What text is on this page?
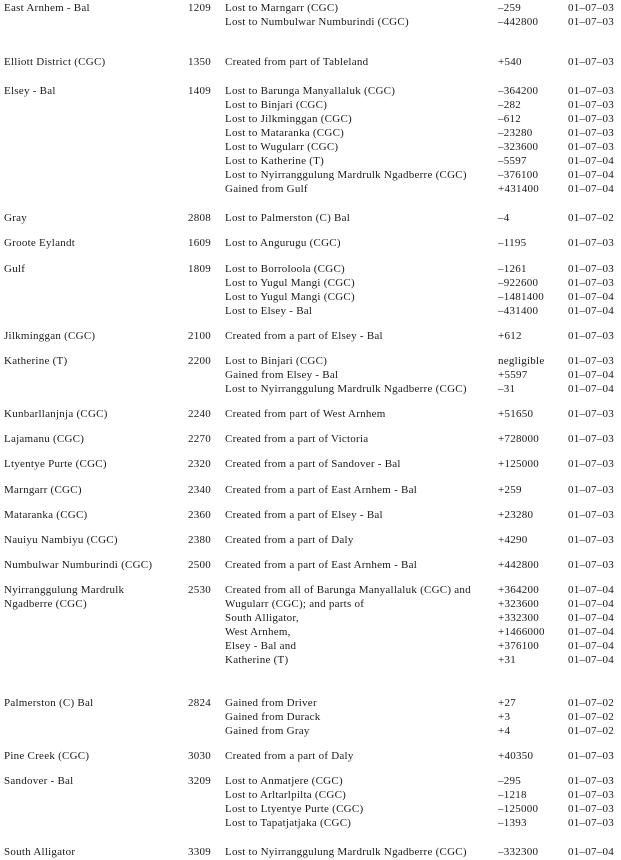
East Arnhem - Bal	1209 Lost to Marngarr (CGC)	–259	01–07–03
Lost to Numbulwar Numburindi (CGC)	–442800	01–07–03
Elliott District (CGC)	1350 Created from part of Tableland	+540	01–07–03
Elsey - Bal	1409 Lost to Barunga Manyallaluk (CGC)	–364200	01–07–03
Lost to Binjari (CGC)	–282	01–07–03
Lost to Jilkminggan (CGC)	–612	01–07–03
Lost to Mataranka (CGC)	–23280	01–07–03
Lost to Wugularr (CGC)	–323600	01–07–03
Lost to Katherine (T)	–5597	01–07–04
Lost to Nyirranggulung Mardrulk Ngadberre (CGC)	–376100	01–07–04
Gained from Gulf	+431400	01–07–04
Gray	2808 Lost to Palmerston (C) Bal	–4	01–07–02
Groote Eylandt	1609 Lost to Angurugu (CGC)	–1195	01–07–03
Gulf	1809 Lost to Borroloola (CGC)	–1261	01–07–03
Lost to Yugul Mangi (CGC)	–922600	01–07–03
Lost to Yugul Mangi (CGC)	–1481400	01–07–04
Lost to Elsey - Bal	–431400	01–07–04
Jilkminggan (CGC)	2100 Created from a part of Elsey - Bal	+612	01–07–03
Katherine (T)	2200 Lost to Binjari (CGC)	negligible	01–07–03
Gained from Elsey - Bal	+5597	01–07–04
Lost to Nyirranggulung Mardrulk Ngadberre (CGC)	–31	01–07–04
Kunbarllanjnja (CGC)	2240 Created from part of West Arnhem	+51650	01–07–03
Lajamanu (CGC)	2270 Created from a part of Victoria	+728000	01–07–03
Ltyentye Purte (CGC)	2320 Created from a part of Sandover - Bal	+125000	01–07–03
Marngarr (CGC)	2340 Created from a part of East Arnhem - Bal	+259	01–07–03
Mataranka (CGC)	2360 Created from a part of Elsey - Bal	+23280	01–07–03
Nauiyu Nambiyu (CGC)	2380 Created from a part of Daly	+4290	01–07–03
Numbulwar Numburindi (CGC)	2500 Created from a part of East Arnhem - Bal	+442800	01–07–03
Nyirranggulung Mardrulk Ngadberre (CGC)
2530 Created from all of Barunga Manyallaluk (CGC) and	+364200	01–07–04
Wugularr (CGC); and parts of	+323600	01–07–04
South Alligator,	+332300	01–07–04
West Arnhem,	+1466000	01–07–04
Elsey - Bal and	+376100	01–07–04
Katherine (T)	+31	01–07–04
Palmerston (C) Bal	2824 Gained from Driver	+27	01–07–02
Gained from Durack	+3	01–07–02
Gained from Gray	+4	01–07–02
Pine Creek (CGC)	3030 Created from a part of Daly	+40350	01–07–03
Sandover - Bal	3209 Lost to Anmatjere (CGC)	–295	01–07–03
Lost to Arltarlpilta (CGC)	–1218	01–07–03
Lost to Ltyentye Purte (CGC)	–125000	01–07–03
Lost to Tapatjatjaka (CGC)	–1393	01–07–03
South Alligator	3309 Lost to Nyirranggulung Mardrulk Ngadberre (CGC)	–332300	01–07–04
